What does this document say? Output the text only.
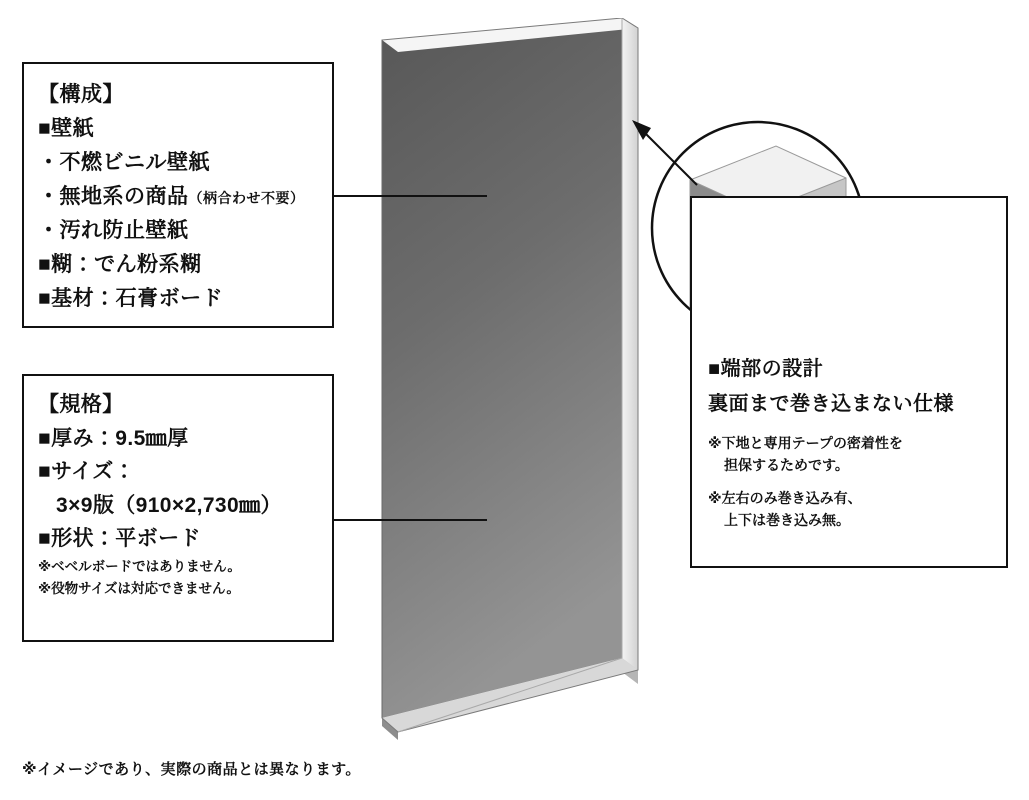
【構成】
■壁紙
・不燃ビニル壁紙
・無地系の商品（柄合わせ不要）
・汚れ防止壁紙
■糊：でん粉系糊
■基材：石膏ボード
【規格】
■厚み：9.5㎜厚
■サイズ：
3×9版（910×2,730㎜）
■形状：平ボード
※ベベルボードではありません。
※役物サイズは対応できません。
■端部の設計
裏面まで巻き込まない仕様
※下地と専用テープの密着性を
担保するためです。
※左右のみ巻き込み有、
上下は巻き込み無。
※イメージであり、実際の商品とは異なります。
